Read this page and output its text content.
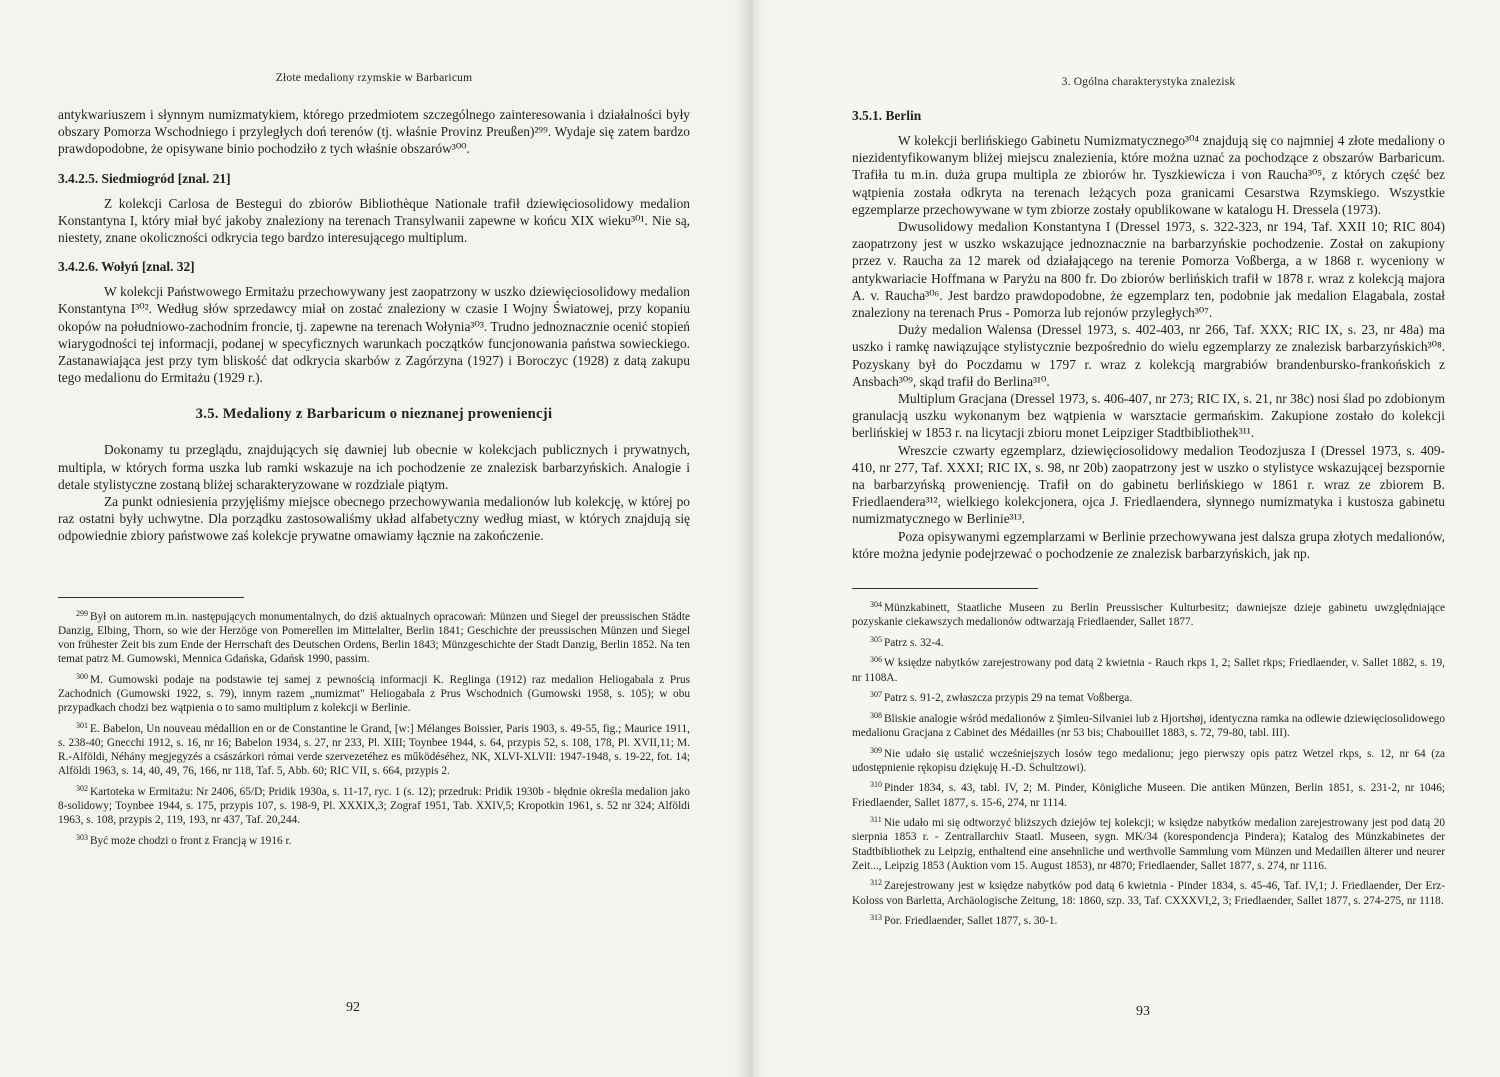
Złote medaliony rzymskie w Barbaricum

antykwariuszem i słynnym numizmatykiem, którego przedmiotem szczególnego zainteresowania i działalności były obszary Pomorza Wschodniego i przyległych doń terenów (tj. właśnie Provinz Preußen)²⁹⁹. Wydaje się zatem bardzo prawdopodobne, że opisywane binio pochodziło z tych właśnie obszarów³⁰⁰.

3.4.2.5. Siedmiogród [znal. 21]

Z kolekcji Carlosa de Bestegui do zbiorów Bibliothèque Nationale trafił dziewięciosolidowy medalion Konstantyna I, który miał być jakoby znaleziony na terenach Transylwanii zapewne w końcu XIX wieku³⁰¹. Nie są, niestety, znane okoliczności odkrycia tego bardzo interesującego multiplum.

3.4.2.6. Wołyń [znal. 32]

W kolekcji Państwowego Ermitażu przechowywany jest zaopatrzony w uszko dziewięciosolidowy medalion Konstantyna I³⁰². Według słów sprzedawcy miał on zostać znaleziony w czasie I Wojny Światowej, przy kopaniu okopów na południowo-zachodnim froncie, tj. zapewne na terenach Wołynia³⁰³. Trudno jednoznacznie ocenić stopień wiarygodności tej informacji, podanej w specyficznych warunkach początków funcjonowania państwa sowieckiego. Zastanawiająca jest przy tym bliskość dat odkrycia skarbów z Zagórzyna (1927) i Boroczyc (1928) z datą zakupu tego medalionu do Ermitażu (1929 r.).

3.5. Medaliony z Barbaricum o nieznanej proweniencji

Dokonamy tu przeglądu, znajdujących się dawniej lub obecnie w kolekcjach publicznych i prywatnych, multipla, w których forma uszka lub ramki wskazuje na ich pochodzenie ze znalezisk barbarzyńskich. Analogie i detale stylistyczne zostaną bliżej scharakteryzowane w rozdziale piątym.

Za punkt odniesienia przyjęliśmy miejsce obecnego przechowywania medalionów lub kolekcję, w której po raz ostatni były uchwytne. Dla porządku zastosowaliśmy układ alfabetyczny według miast, w których znajdują się odpowiednie zbiory państwowe zaś kolekcje prywatne omawiamy łącznie na zakończenie.

$^{299}$ Był on autorem m.in. następujących monumentalnych, do dziś aktualnych opracowań: Münzen und Siegel der preussischen Städte Danzig, Elbing, Thorn, so wie der Herzöge von Pomerellen im Mittelalter, Berlin 1841; Geschichte der preussischen Münzen und Siegel von frühester Zeit bis zum Ende der Herrschaft des Deutschen Ordens, Berlin 1843; Münzgeschichte der Stadt Danzig, Berlin 1852. Na ten temat patrz M. Gumowski, Mennica Gdańska, Gdańsk 1990, passim.
$^{300}$ M. Gumowski podaje na podstawie tej samej z pewnością informacji K. Reglinga (1912) raz medalion Heliogabala z Prus Zachodnich (Gumowski 1922, s. 79), innym razem „numizmat" Heliogabala z Prus Wschodnich (Gumowski 1958, s. 105); w obu przypadkach chodzi bez wątpienia o to samo multiplum z kolekcji w Berlinie.
$^{301}$ E. Babelon, Un nouveau médallion en or de Constantine le Grand, [w:] Mélanges Boissier, Paris 1903, s. 49-55, fig.; Maurice 1911, s. 238-40; Gnecchi 1912, s. 16, nr 16; Babelon 1934, s. 27, nr 233, Pl. XIII; Toynbee 1944, s. 64, przypis 52, s. 108, 178, Pl. XVII,11; M. R.-Alföldi, Néhány megjegyzés a császárkori római verde szervezetéhez es működéséhez, NK, XLVI-XLVII: 1947-1948, s. 19-22, fot. 14; Alföldi 1963, s. 14, 40, 49, 76, 166, nr 118, Taf. 5, Abb. 60; RIC VII, s. 664, przypis 2.
$^{302}$ Kartoteka w Ermitażu: Nr 2406, 65/D; Pridik 1930a, s. 11-17, ryc. 1 (s. 12); przedruk: Pridik 1930b - błędnie określa medalion jako 8-solidowy; Toynbee 1944, s. 175, przypis 107, s. 198-9, Pl. XXXIX,3; Zograf 1951, Tab. XXIV,5; Kropotkin 1961, s. 52 nr 324; Alföldi 1963, s. 108, przypis 2, 119, 193, nr 437, Taf. 20,244.
$^{303}$ Być może chodzi o front z Francją w 1916 r.
92
3. Ogólna charakterystyka znalezisk
3.5.1. Berlin

W kolekcji berlińskiego Gabinetu Numizmatycznego³⁰⁴ znajdują się co najmniej 4 złote medaliony o niezidentyfikowanym bliżej miejscu znalezienia, które można uznać za pochodzące z obszarów Barbaricum. Trafiła tu m.in. duża grupa multipla ze zbiorów hr. Tyszkiewicza i von Raucha³⁰⁵, z których część bez wątpienia została odkryta na terenach leżących poza granicami Cesarstwa Rzymskiego. Wszystkie egzemplarze przechowywane w tym zbiorze zostały opublikowane w katalogu H. Dressela (1973).

Dwusolidowy medalion Konstantyna I (Dressel 1973, s. 322-323, nr 194, Taf. XXII 10; RIC 804) zaopatrzony jest w uszko wskazujące jednoznacznie na barbarzyńskie pochodzenie. Został on zakupiony przez v. Raucha za 12 marek od działającego na terenie Pomorza Voßberga, a w 1868 r. wyceniony w antykwariacie Hoffmana w Paryżu na 800 fr. Do zbiorów berlińskich trafił w 1878 r. wraz z kolekcją majora A. v. Raucha³⁰⁶. Jest bardzo prawdopodobne, że egzemplarz ten, podobnie jak medalion Elagabala, został znaleziony na terenach Prus - Pomorza lub rejonów przyległych³⁰⁷.

Duży medalion Walensa (Dressel 1973, s. 402-403, nr 266, Taf. XXX; RIC IX, s. 23, nr 48a) ma uszko i ramkę nawiązujące stylistycznie bezpośrednio do wielu egzemplarzy ze znalezisk barbarzyńskich³⁰⁸. Pozyskany był do Poczdamu w 1797 r. wraz z kolekcją margrabiów brandenbursko-frankońskich z Ansbach³⁰⁹, skąd trafił do Berlina³¹⁰.

Multiplum Gracjana (Dressel 1973, s. 406-407, nr 273; RIC IX, s. 21, nr 38c) nosi ślad po zdobionym granulacją uszku wykonanym bez wątpienia w warsztacie germańskim. Zakupione zostało do kolekcji berlińskiej w 1853 r. na licytacji zbioru monet Leipziger Stadtbibliothek³¹¹.

Wreszcie czwarty egzemplarz, dziewięciosolidowy medalion Teodozjusza I (Dressel 1973, s. 409-410, nr 277, Taf. XXXI; RIC IX, s. 98, nr 20b) zaopatrzony jest w uszko o stylistyce wskazującej bezspornie na barbarzyńską proweniencję. Trafił on do gabinetu berlińskiego w 1861 r. wraz ze zbiorem B. Friedlaendera³¹², wielkiego kolekcjonera, ojca J. Friedlaendera, słynnego numizmatyka i kustosza gabinetu numizmatycznego w Berlinie³¹³.

Poza opisywanymi egzemplarzami w Berlinie przechowywana jest dalsza grupa złotych medalionów, które można jedynie podejrzewać o pochodzenie ze znalezisk barbarzyńskich, jak np.

$^{304}$ Münzkabinett, Staatliche Museen zu Berlin Preussischer Kulturbesitz; dawniejsze dzieje gabinetu uwzględniające pozyskanie ciekawszych medalionów odtwarzają Friedlaender, Sallet 1877.
$^{305}$ Patrz s. 32-4.
$^{306}$ W księdze nabytków zarejestrowany pod datą 2 kwietnia - Rauch rkps 1, 2; Sallet rkps; Friedlaender, v. Sallet 1882, s. 19, nr 1108A.
$^{307}$ Patrz s. 91-2, zwłaszcza przypis 29 na temat Voßberga.
$^{308}$ Bliskie analogie wśród medalionów z Şimleu-Silvaniei lub z Hjortshøj, identyczna ramka na odlewie dziewięciosolidowego medalionu Gracjana z Cabinet des Médailles (nr 53 bis; Chabouillet 1883, s. 72, 79-80, tabl. III).
$^{309}$ Nie udało się ustalić wcześniejszych losów tego medalionu; jego pierwszy opis patrz Wetzel rkps, s. 12, nr 64 (za udostępnienie rękopisu dziękuję H.-D. Schultzowi).
$^{310}$ Pinder 1834, s. 43, tabl. IV, 2; M. Pinder, Königliche Museen. Die antiken Münzen, Berlin 1851, s. 231-2, nr 1046; Friedlaender, Sallet 1877, s. 15-6, 274, nr 1114.
$^{311}$ Nie udało mi się odtworzyć bliższych dziejów tej kolekcji; w księdze nabytków medalion zarejestrowany jest pod datą 20 sierpnia 1853 r. - Zentrallarchiv Staatl. Museen, sygn. MK/34 (korespondencja Pindera); Katalog des Münzkabinetes der Stadtbibliothek zu Leipzig, enthaltend eine ansehnliche und werthvolle Sammlung vom Münzen und Medaillen älterer und neurer Zeit..., Leipzig 1853 (Auktion vom 15. August 1853), nr 4870; Friedlaender, Sallet 1877, s. 274, nr 1116.
$^{312}$ Zarejestrowany jest w księdze nabytków pod datą 6 kwietnia - Pinder 1834, s. 45-46, Taf. IV,1; J. Friedlaender, Der Erz-Koloss von Barletta, Archäologische Zeitung, 18: 1860, szp. 33, Taf. CXXXVI,2, 3; Friedlaender, Sallet 1877, s. 274-275, nr 1118.
$^{313}$ Por. Friedlaender, Sallet 1877, s. 30-1.
93
